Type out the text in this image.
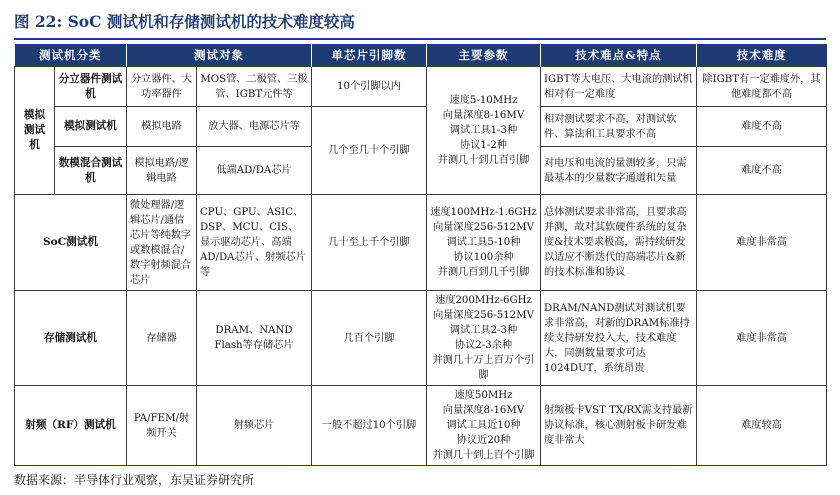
图 22: SoC 测试机和存储测试机的技术难度较高
测试机分类		测试对象		单芯片引脚数	主要参数	技术难点&特点	技术难度
模拟测试机	分立器件测试机	分立器件、大功率器件	MOS管、二极管、三极管、IGBT元件等	10个引脚以内	速度5-10MHz
向量深度8-16MV
调试工具1-3种
协议1-2种
并测几十到几百引脚	IGBT等大电压、大电流的测试机相对有一定难度	除IGBT有一定难度外，其他难度都不高
	模拟测试机	模拟电路	放大器、电源芯片等	几个至几十个引脚		相对测试要求不高，对测试软件、算法和工具要求不高	难度不高
	数模混合测试机	模拟电路/逻辑电路	低端AD/DA芯片			对电压和电流的量测较多，只需最基本的少量数字通道和矢量	难度不高
SoC测试机		微处理器/逻辑芯片/通信芯片等纯数字或数模混合/数字射频混合芯片	CPU、GPU、ASIC、DSP、MCU、CIS、显示驱动芯片、高端AD/DA芯片、射频芯片等	几十至上千个引脚	速度100MHz-1.6GHz
向量深度256-512MV
调试工具5-10种
协议100余种
并测几百到几千引脚	总体测试要求非常高，且要求高并测，故对其软硬件系统的复杂度&技术要求极高，需持续研发以适应不断迭代的高端芯片&新的技术标准和协议	难度非常高
存储测试机		存储器	DRAM、NAND Flash等存储芯片	几百个引脚	速度200MHz-6GHz
向量深度256-512MV
调试工具2-3种
协议2-3余种
并测几十万上百万个引脚	DRAM/NAND测试对测试机要求非常高，对新的DRAM标准持续支持研发投入大，技术难度大，同测数量要求可达1024DUT，系统昂贵	难度非常高
射频（RF）测试机		PA/FEM/射频开关	射频芯片	一般不超过10个引脚	速度50MHz
向量深度8-16MV
调试工具近10种
协议近20种
并测几十到上百个引脚	射频板卡VST TX/RX需支持最新协议标准，核心测射板卡研发难度非常大	难度较高
数据来源：半导体行业观察，东吴证券研究所
